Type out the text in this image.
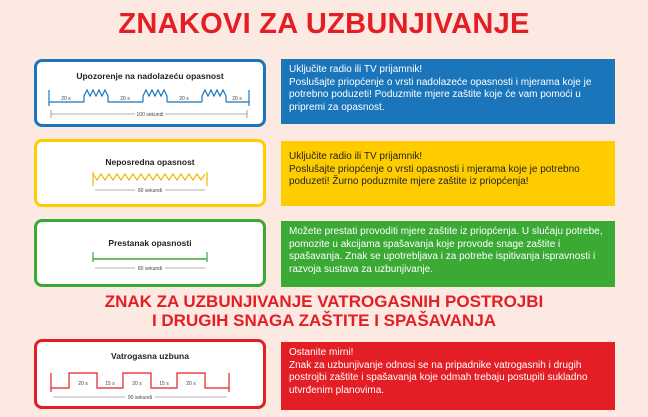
ZNAKOVI ZA UZBUNJIVANJE
Upozorenje na nadolazeću opasnost
20 s	20 s	20 s	20 s
100 sekundi
Neposredna opasnost
60 sekundi
Prestanak opasnosti
60 sekundi
Vatrogasna uzbuna
20 s	15 s	20 s	15 s	20 s
90 sekundi
Uključite radio ili TV prijamnik!
Poslušajte priopćenje o vrsti nadolazeće opasnosti i mjerama koje je potrebno poduzeti! Poduzmite mjere zaštite koje će vam pomoći u pripremi za opasnost.
Uključite radio ili TV prijamnik!
Poslušajte priopćenje o vrsti opasnosti i mjerama koje je potrebno poduzeti! Žurno poduzmite mjere zaštite iz priopćenja!
Možete prestati provoditi mjere zaštite iz priopćenja. U slučaju potrebe, pomozite u akcijama spašavanja koje provode snage zaštite i spašavanja. Znak se upotrebljava i za potrebe ispitivanja ispravnosti i razvoja sustava za uzbunjivanje.
Ostanite mirni!
Znak za uzbunjivanje odnosi se na pripadnike vatrogasnih i drugih postrojbi zaštite i spašavanja koje odmah trebaju postupiti sukladno utvrđenim planovima.
ZNAK ZA UZBUNJIVANJE VATROGASNIH POSTROJBI
I DRUGIH SNAGA ZAŠTITE I SPAŠAVANJA
